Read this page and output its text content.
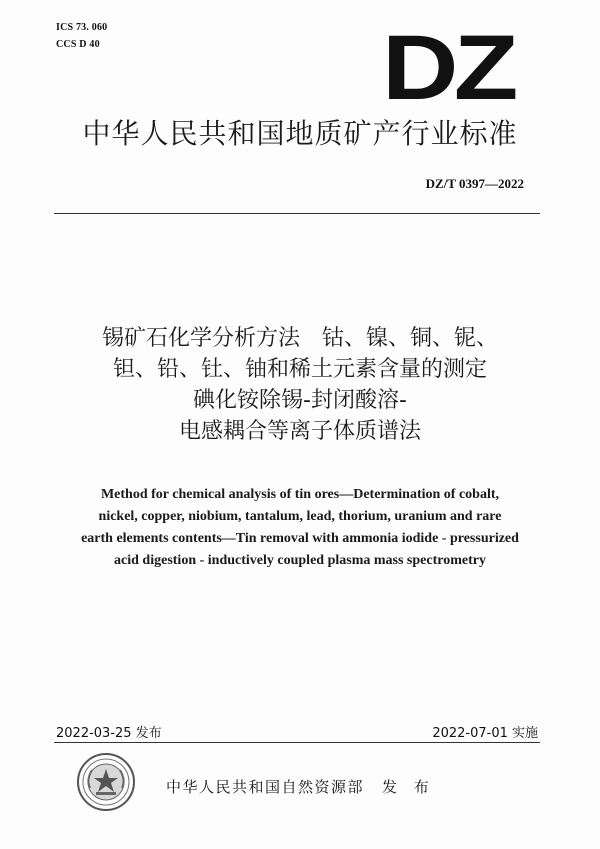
ICS 73. 060
CCS D 40	DZ
中华人民共和国地质矿产行业标准
DZ/T 0397—2022
锡矿石化学分析方法　钴、镍、铜、铌、
钽、铅、钍、铀和稀土元素含量的测定
碘化铵除锡-封闭酸溶-
电感耦合等离子体质谱法
Method for chemical analysis of tin ores—Determination of cobalt,
nickel, copper, niobium, tantalum, lead, thorium, uranium and rare
earth elements contents—Tin removal with ammonia iodide - pressurized
acid digestion - inductively coupled plasma mass spectrometry
2022-03-25 发布	2022-07-01 实施
中华人民共和国自然资源部 发 布
